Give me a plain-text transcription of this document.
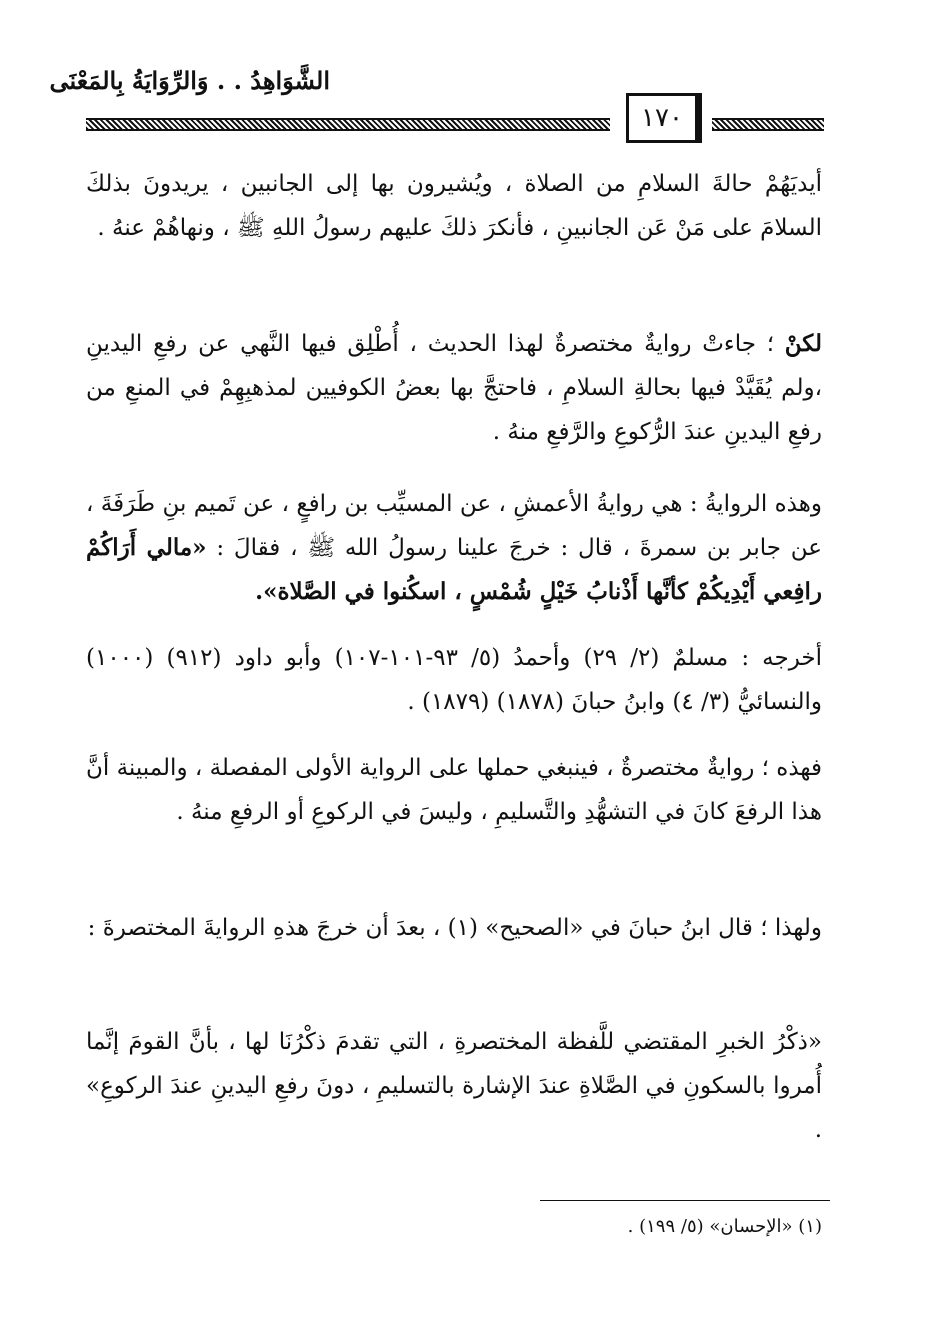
الشَّوَاهِدُ . . وَالرِّوَايَةُ بِالمَعْنَى
١٧٠

أيديَهُمْ حالةَ السلامِ من الصلاة ، ويُشيرون بها إلى الجانبين ، يريدونَ بذلكَ السلامَ على مَنْ عَن الجانبينِ ، فأنكرَ ذلكَ عليهم رسولُ اللهِ ﷺ ، ونهاهُمْ عنهُ .

لكنْ ؛ جاءتْ روايةٌ مختصرةٌ لهذا الحديث ، أُطْلِق فيها النَّهي عن رفعِ اليدينِ ،ولم يُقَيَّدْ فيها بحالةِ السلامِ ، فاحتجَّ بها بعضُ الكوفيين لمذهبِهِمْ في المنعِ من رفعِ اليدينِ عندَ الرُّكوعِ والرَّفعِ منهُ .

وهذه الروايةُ : هي روايةُ الأعمشِ ، عن المسيِّب بن رافعٍ ، عن تَميم بنِ طَرَفَةَ ، عن جابر بن سمرةَ ، قال : خرجَ علينا رسولُ الله ﷺ ، فقالَ : «مالي أَرَاكُمْ رافِعي أَيْدِيكُمْ كأنَّها أَذْنابُ خَيْلٍ شُمْسٍ ، اسكُنوا في الصَّلاة».

أخرجه : مسلمٌ (٢/ ٢٩) وأحمدُ (٥/ ٩٣-١٠١-١٠٧) وأبو داود (٩١٢) (١٠٠٠) والنسائيُّ (٣/ ٤) وابنُ حبانَ (١٨٧٨) (١٨٧٩) .

فهذه ؛ روايةٌ مختصرةٌ ، فينبغي حملها على الرواية الأولى المفصلة ، والمبينة أنَّ هذا الرفعَ كانَ في التشهُّدِ والتَّسليمِ ، وليسَ في الركوعِ أو الرفعِ منهُ .

ولهذا ؛ قال ابنُ حبانَ في «الصحيح» (١) ، بعدَ أن خرجَ هذهِ الروايةَ المختصرةَ :

«ذكْرُ الخبرِ المقتضي للَّفظة المختصرةِ ، التي تقدمَ ذكْرُنَا لها ، بأنَّ القومَ إنَّما أُمروا بالسكونِ في الصَّلاةِ عندَ الإشارة بالتسليمِ ، دونَ رفعِ اليدينِ عندَ الركوعِ» .

(١) «الإحسان» (٥/ ١٩٩) .
